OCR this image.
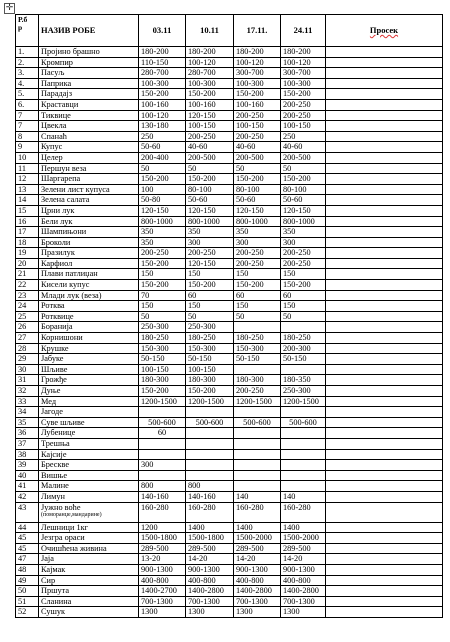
✛
Р.б
р	НАЗИВ РОБЕ	03.11	10.11	17.11.	24.11	Просек
1.	Пројино брашно	180-200	180-200	180-200	180-200	
2.	Кромпир	110-150	100-120	100-120	100-120	
3.	Пасуљ	280-700	280-700	300-700	300-700	
4.	Паприка	100-300	100-300	100-300	100-300	
5.	Парадајз	150-200	150-200	150-200	150-200	
6.	Краставци	100-160	100-160	100-160	200-250	
7	Тиквице	100-120	120-150	200-250	200-250	
7	Цвекла	130-180	100-150	100-150	100-150	
8	Спанаћ	250	200-250	200-250	250	
9	Купус	50-60	40-60	40-60	40-60	
10	Целер	200-400	200-500	200-500	200-500	
11	Першун веза	50	50	50	50	
12	Шаргарепа	150-200	150-200	150-200	150-200	
13	Зелени лист купуса	100	80-100	80-100	80-100	
14	Зелена салата	50-80	50-60	50-60	50-60	
15	Црни лук	120-150	120-150	120-150	120-150	
16	Бели лук	800-1000	800-1000	800-1000	800-1000	
17	Шампињони	350	350	350	350	
18	Броколи	350	300	300	300	
19	Празилук	200-250	200-250	200-250	200-250	
20	Карфиол	150-200	120-150	200-250	200-250	
21	Плави патлиџан	150	150	150	150	
22	Кисели купус	150-200	150-200	150-200	150-200	
23	Млади лук (веза)	70	60	60	60	
24	Ротква	150	150	150	150	
25	Ротквице	50	50	50	50	
26	Боранија	250-300	250-300			
27	Корнишони	180-250	180-250	180-250	180-250	
28	Крушке	150-300	150-300	150-300	200-300	
29	Јабуке	50-150	50-150	50-150	50-150	
30	Шљиве	100-150	100-150			
31	Грожђе	180-300	180-300	180-300	180-350	
32	Дуње	150-200	150-200	200-250	250-300	
33	Мед	1200-1500	1200-1500	1200-1500	1200-1500	
34	Јагоде					
35	Суве шљиве	500-600	500-600	500-600	500-600	
36	Лубенице	60				
37	Трешња					
38	Кајсије					
39	Брескве	300				
40	Вишње					
41	Малине	800	800			
42	Лимун	140-160	140-160	140	140	
43	Јужно воће
(поморанџе,мандарине)	160-280	160-280	160-280	160-280	
44	Лешници 1кг	1200	1400	1400	1400	
45	Језгра ораси	1500-1800	1500-1800	1500-2000	1500-2000	
45	Очишћена живина	289-500	289-500	289-500	289-500	
47	Јаја	13-20	14-20	14-20	14-20	
48	Кајмак	900-1300	900-1300	900-1300	900-1300	
49	Сир	400-800	400-800	400-800	400-800	
50	Пршута	1400-2700	1400-2800	1400-2800	1400-2800	
51	Сланина	700-1300	700-1300	700-1300	700-1300	
52	Сушук	1300	1300	1300	1300	
